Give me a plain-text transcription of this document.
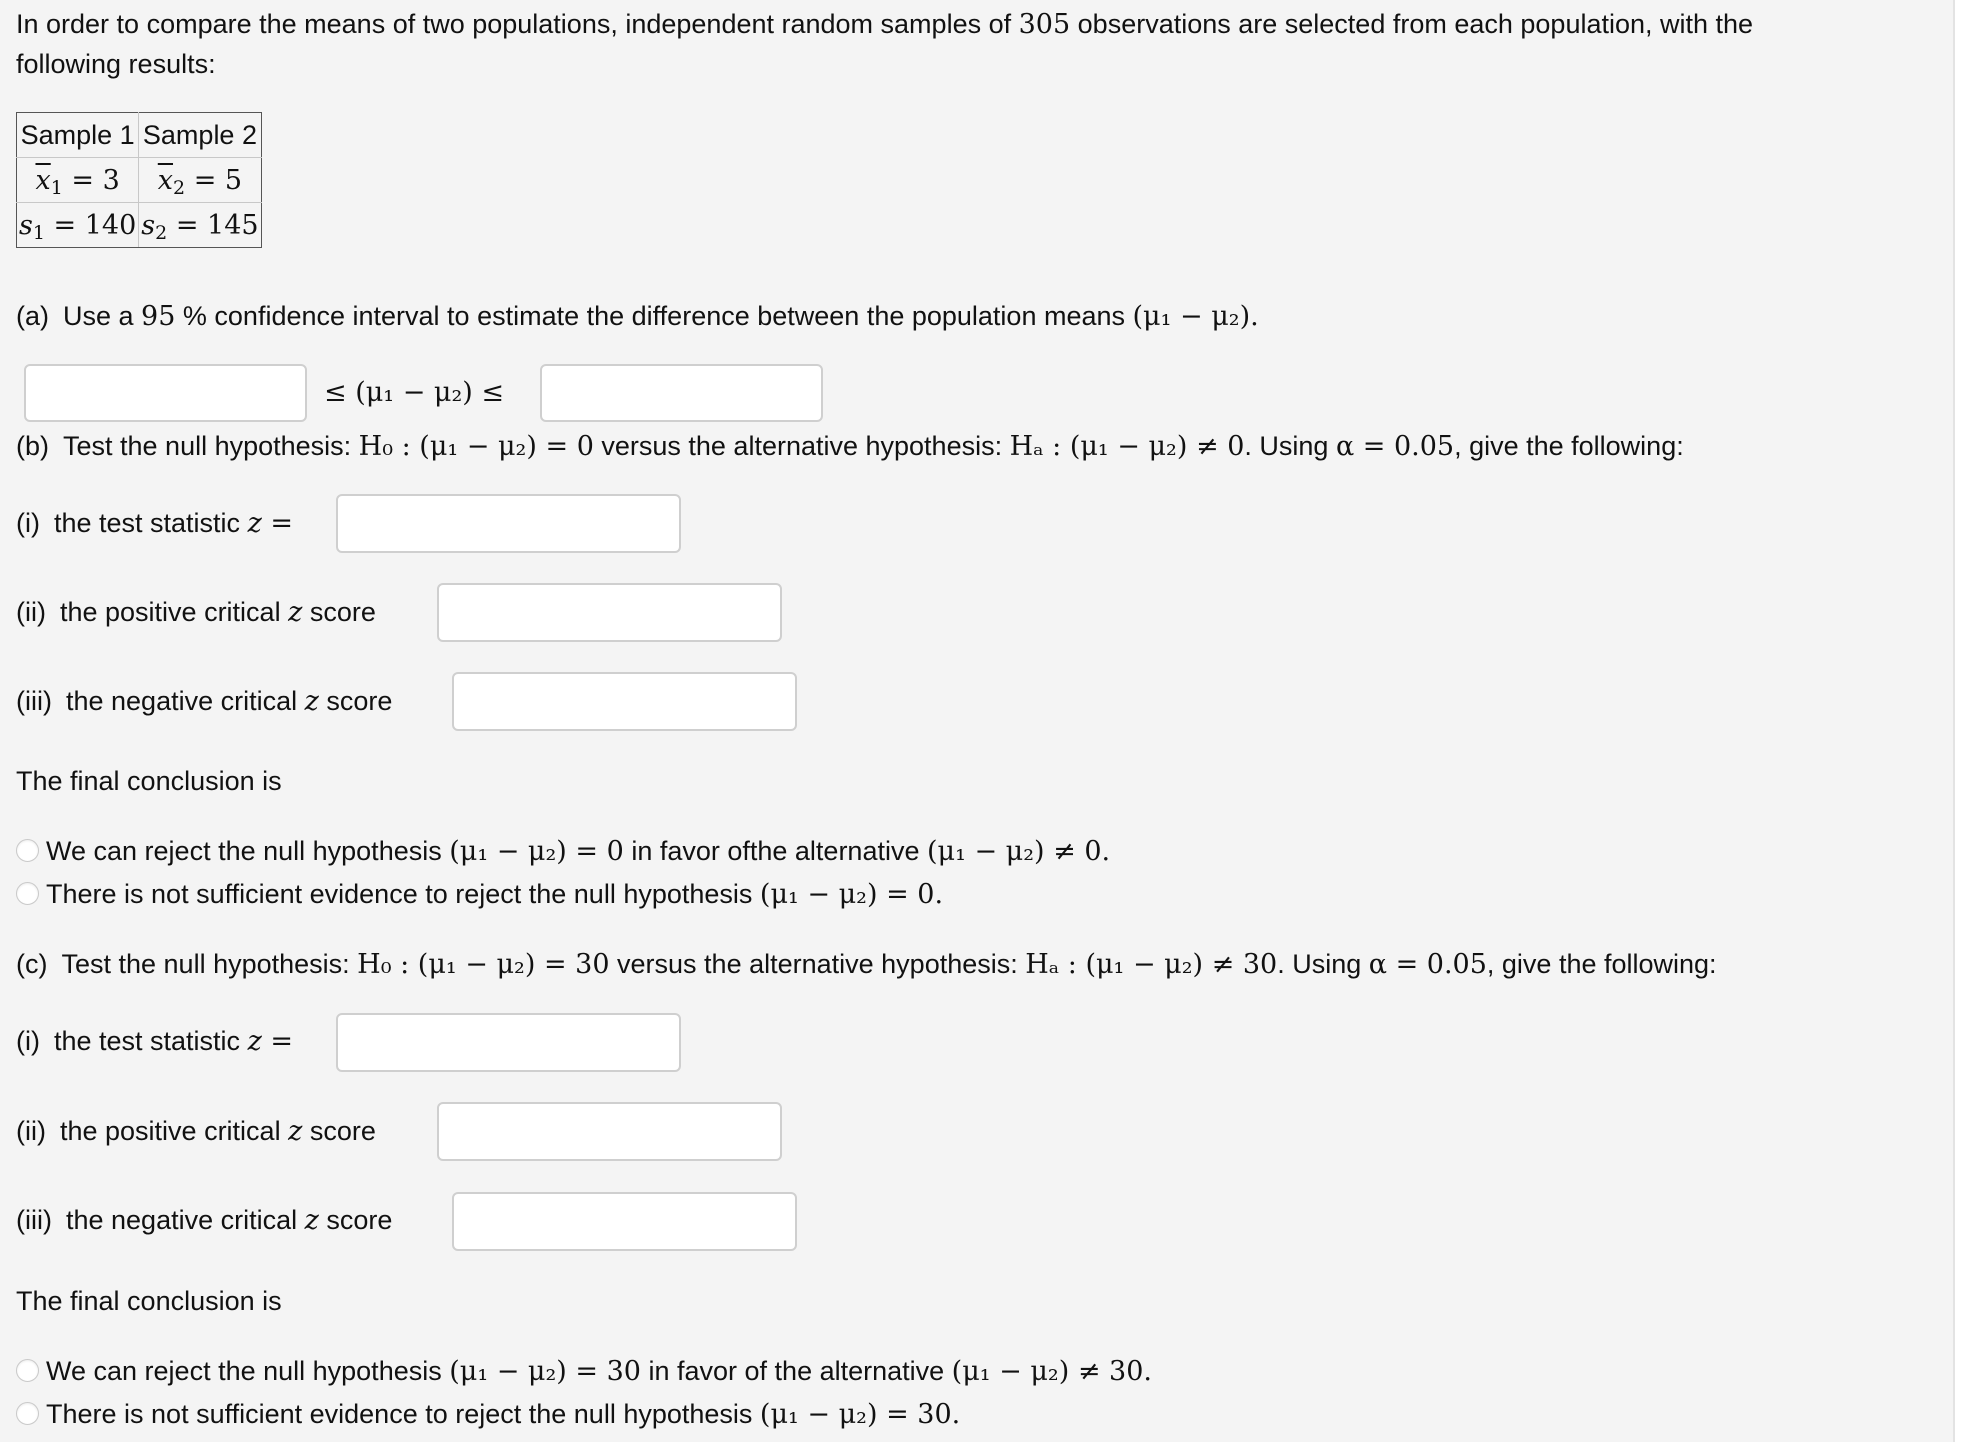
In order to compare the means of two populations, independent random samples of 305 observations are selected from each population, with the
following results:
Sample 1	Sample 2
$\overline{x}_1 = 3$	$\overline{x}_2 = 5$
$s_1 = 140$	$s_2 = 145$
(a) Use a 95 % confidence interval to estimate the difference between the population means (μ₁ − μ₂).
≤ (μ₁ − μ₂) ≤
(b) Test the null hypothesis: H₀ : (μ₁ − μ₂) = 0 versus the alternative hypothesis: Hₐ : (μ₁ − μ₂) ≠ 0. Using α = 0.05, give the following:
(i) the test statistic z =
(ii) the positive critical z score
(iii) the negative critical z score
The final conclusion is
We can reject the null hypothesis (μ₁ − μ₂) = 0 in favor ofthe alternative (μ₁ − μ₂) ≠ 0.
There is not sufficient evidence to reject the null hypothesis (μ₁ − μ₂) = 0.
(c) Test the null hypothesis: H₀ : (μ₁ − μ₂) = 30 versus the alternative hypothesis: Hₐ : (μ₁ − μ₂) ≠ 30. Using α = 0.05, give the following:
(i) the test statistic z =
(ii) the positive critical z score
(iii) the negative critical z score
The final conclusion is
We can reject the null hypothesis (μ₁ − μ₂) = 30 in favor of the alternative (μ₁ − μ₂) ≠ 30.
There is not sufficient evidence to reject the null hypothesis (μ₁ − μ₂) = 30.
